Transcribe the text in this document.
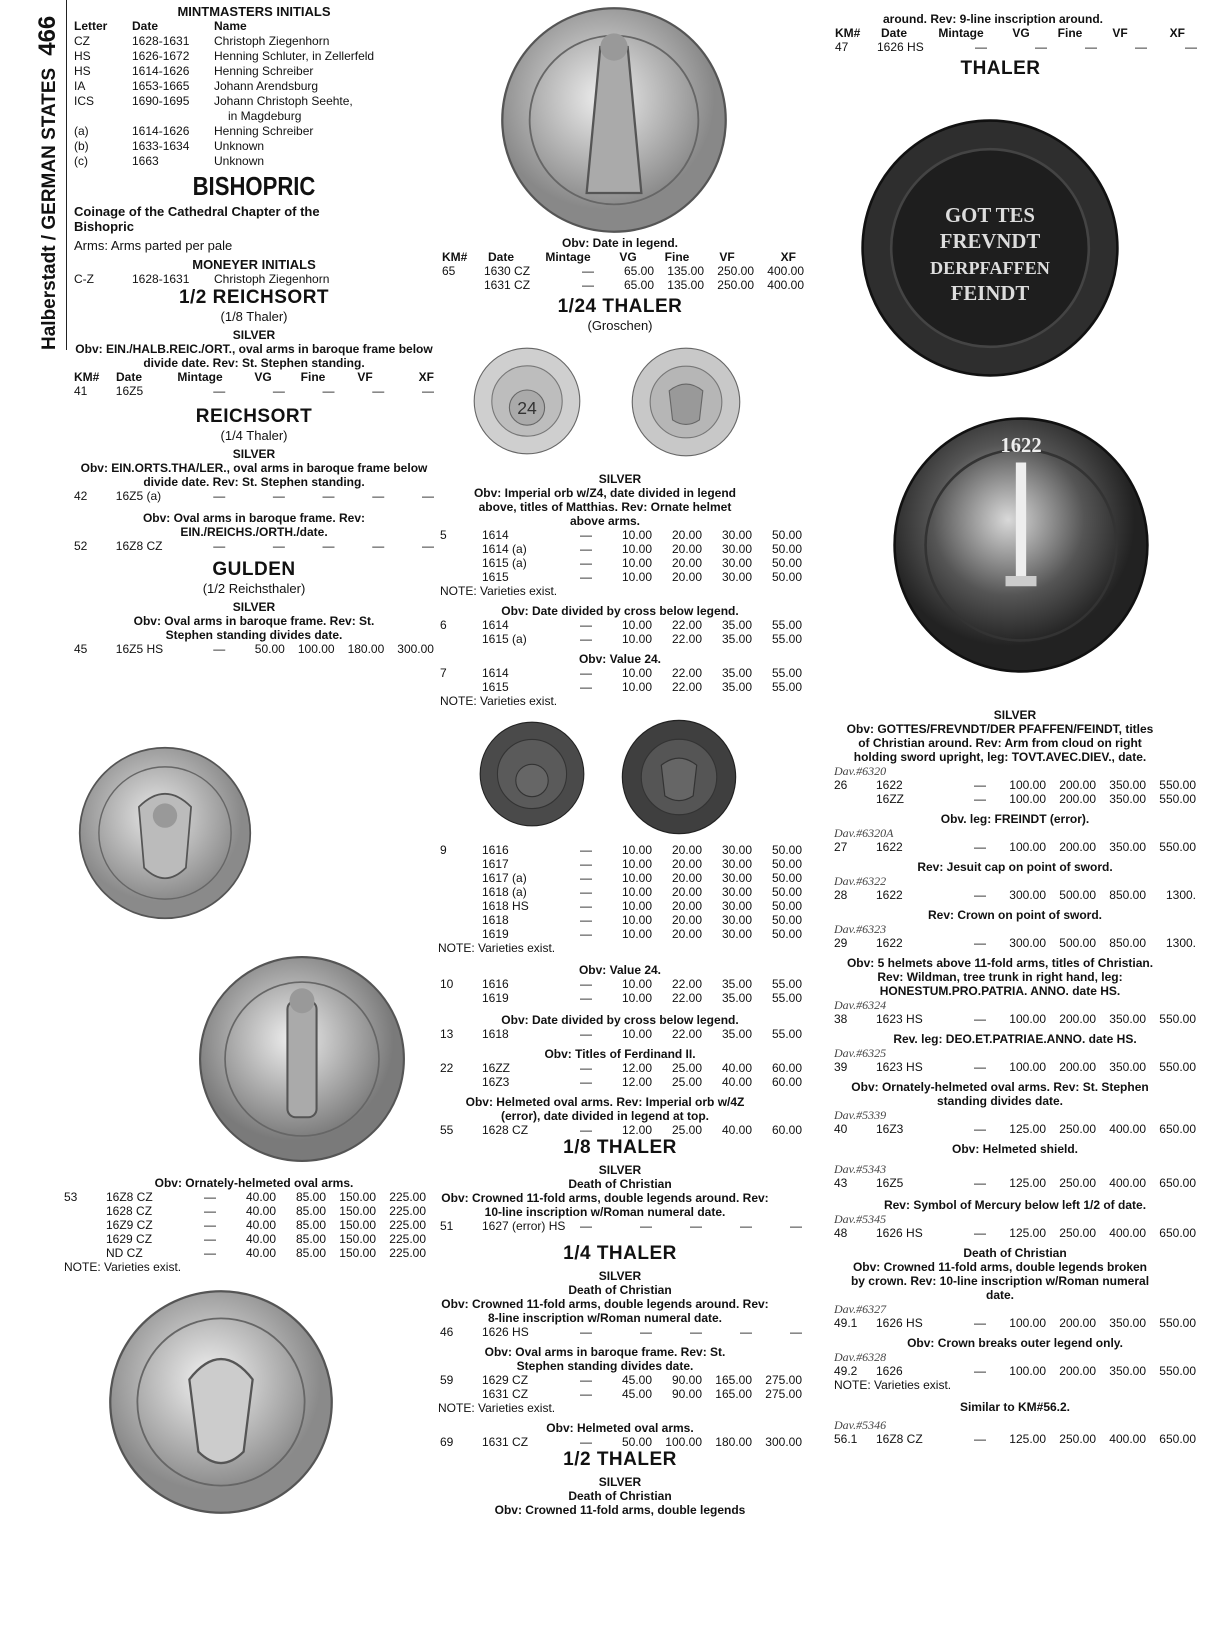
Halberstadt / GERMAN STATES466

MINTMASTERS INITIALS

Letter	Date	Name
CZ	1628-1631	Christoph Ziegenhorn
HS	1626-1672	Henning Schluter, in Zellerfeld
HS	1614-1626	Henning Schreiber
IA	1653-1665	Johann Arendsburg
ICS	1690-1695	Johann Christoph Seehte,
in Magdeburg
(a)	1614-1626	Henning Schreiber
(b)	1633-1634	Unknown
(c)	1663	Unknown

BISHOPRIC

Coinage of the Cathedral Chapter of the Bishopric

Arms: Arms parted per pale

MONEYER INITIALS

C-Z	1628-1631	Christoph Ziegenhorn

1/2 REICHSORT

(1/8 Thaler)

SILVER

Obv: EIN./HALB.REIC./ORT., oval arms in baroque frame below divide date. Rev: St. Stephen standing.

KM#	Date	Mintage	VG	Fine	VF	XF
41	16Z5	—	—	—	—	—

REICHSORT

(1/4 Thaler)

SILVER

Obv: EIN.ORTS.THA/LER., oval arms in baroque frame below divide date. Rev: St. Stephen standing.

42	16Z5 (a)	—	—	—	—	—

Obv: Oval arms in baroque frame. Rev: EIN./REICHS./ORTH./date.

52	16Z8 CZ	—	—	—	—	—

GULDEN

(1/2 Reichsthaler)

SILVER

Obv: Oval arms in baroque frame. Rev: St. Stephen standing divides date.

45	16Z5 HS	—	50.00	100.00	180.00	300.00

Obv: Ornately-helmeted oval arms.

53	16Z8 CZ	—	40.00	85.00	150.00	225.00
1628 CZ	—	40.00	85.00	150.00	225.00
16Z9 CZ	—	40.00	85.00	150.00	225.00
1629 CZ	—	40.00	85.00	150.00	225.00
ND CZ	—	40.00	85.00	150.00	225.00

NOTE: Varieties exist.

Obv: Date in legend.

KM#	Date	Mintage	VG	Fine	VF	XF
65	1630 CZ	—	65.00	135.00	250.00	400.00
1631 CZ	—	65.00	135.00	250.00	400.00

1/24 THALER

(Groschen)

24

SILVER

Obv: Imperial orb w/Z4, date divided in legend above, titles of Matthias. Rev: Ornate helmet above arms.

5	1614	—	10.00	20.00	30.00	50.00
1614 (a)	—	10.00	20.00	30.00	50.00
1615 (a)	—	10.00	20.00	30.00	50.00
1615	—	10.00	20.00	30.00	50.00

NOTE: Varieties exist.

Obv: Date divided by cross below legend.

6	1614	—	10.00	22.00	35.00	55.00
1615 (a)	—	10.00	22.00	35.00	55.00

Obv: Value 24.

7	1614	—	10.00	22.00	35.00	55.00
1615	—	10.00	22.00	35.00	55.00

NOTE: Varieties exist.

9	1616	—	10.00	20.00	30.00	50.00
1617	—	10.00	20.00	30.00	50.00
1617 (a)	—	10.00	20.00	30.00	50.00
1618 (a)	—	10.00	20.00	30.00	50.00
1618 HS	—	10.00	20.00	30.00	50.00
1618	—	10.00	20.00	30.00	50.00
1619	—	10.00	20.00	30.00	50.00

NOTE: Varieties exist.

Obv: Value 24.

10	1616	—	10.00	22.00	35.00	55.00
1619	—	10.00	22.00	35.00	55.00

Obv: Date divided by cross below legend.

13	1618	—	10.00	22.00	35.00	55.00

Obv: Titles of Ferdinand II.

22	16ZZ	—	12.00	25.00	40.00	60.00
16Z3	—	12.00	25.00	40.00	60.00

Obv: Helmeted oval arms. Rev: Imperial orb w/4Z (error), date divided in legend at top.

55	1628 CZ	—	12.00	25.00	40.00	60.00

1/8 THALER

SILVER

Death of Christian

Obv: Crowned 11-fold arms, double legends around. Rev: 10-line inscription w/Roman numeral date.

51	1627 (error) HS	—	—	—	—	—

1/4 THALER

SILVER

Death of Christian

Obv: Crowned 11-fold arms, double legends around. Rev: 8-line inscription w/Roman numeral date.

46	1626 HS	—	—	—	—	—

Obv: Oval arms in baroque frame. Rev: St. Stephen standing divides date.

59	1629 CZ	—	45.00	90.00	165.00	275.00
1631 CZ	—	45.00	90.00	165.00	275.00

NOTE: Varieties exist.

Obv: Helmeted oval arms.

69	1631 CZ	—	50.00	100.00	180.00	300.00

1/2 THALER

SILVER

Death of Christian

Obv: Crowned 11-fold arms, double legends

around. Rev: 9-line inscription around.

KM#	Date	Mintage	VG	Fine	VF	XF
47	1626 HS	—	—	—	—	—

THALER

GOT TES
FREVNDT
DERPFAFFEN
FEINDT
1622

SILVER

Obv: GOTTES/FREVNDT/DER PFAFFEN/FEINDT, titles of Christian around. Rev: Arm from cloud on right holding sword upright, leg: TOVT.AVEC.DIEV., date.

Dav.#6320

26	1622	—	100.00	200.00	350.00	550.00
16ZZ	—	100.00	200.00	350.00	550.00

Obv. leg: FREINDT (error).

Dav.#6320A

27	1622	—	100.00	200.00	350.00	550.00

Rev: Jesuit cap on point of sword.

Dav.#6322

28	1622	—	300.00	500.00	850.00	1300.

Rev: Crown on point of sword.

Dav.#6323

29	1622	—	300.00	500.00	850.00	1300.

Obv: 5 helmets above 11-fold arms, titles of Christian. Rev: Wildman, tree trunk in right hand, leg: HONESTUM.PRO.PATRIA. ANNO. date HS.

Dav.#6324

38	1623 HS	—	100.00	200.00	350.00	550.00

Rev. leg: DEO.ET.PATRIAE.ANNO. date HS.

Dav.#6325

39	1623 HS	—	100.00	200.00	350.00	550.00

Obv: Ornately-helmeted oval arms. Rev: St. Stephen standing divides date.

Dav.#5339

40	16Z3	—	125.00	250.00	400.00	650.00

Obv: Helmeted shield.

Dav.#5343

43	16Z5	—	125.00	250.00	400.00	650.00

Rev: Symbol of Mercury below left 1/2 of date.

Dav.#5345

48	1626 HS	—	125.00	250.00	400.00	650.00

Death of Christian

Obv: Crowned 11-fold arms, double legends broken by crown. Rev: 10-line inscription w/Roman numeral date.

Dav.#6327

49.1	1626 HS	—	100.00	200.00	350.00	550.00

Obv: Crown breaks outer legend only.

Dav.#6328

49.2	1626	—	100.00	200.00	350.00	550.00

NOTE: Varieties exist.

Similar to KM#56.2.

Dav.#5346

56.1	16Z8 CZ	—	125.00	250.00	400.00	650.00
